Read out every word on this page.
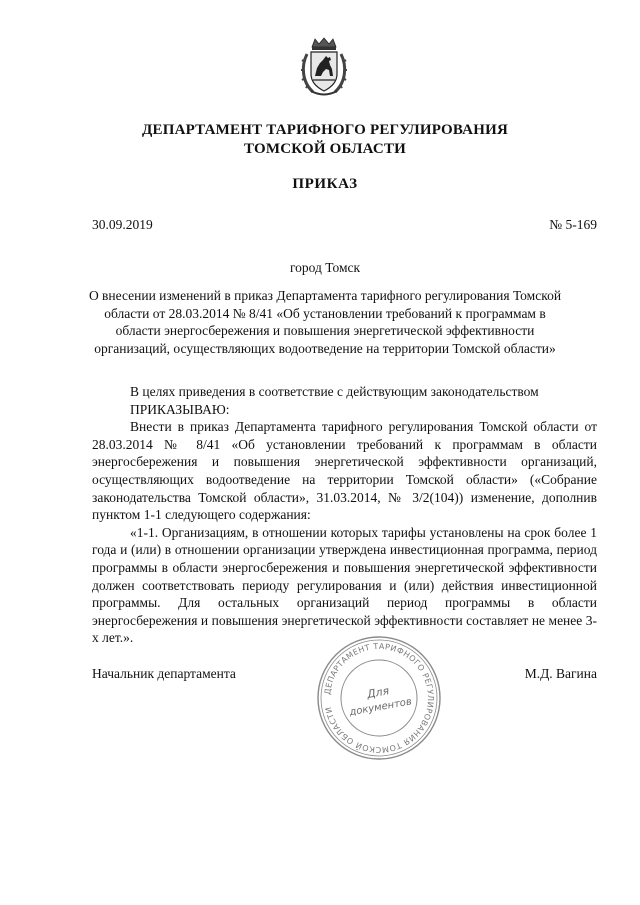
ДЕПАРТАМЕНТ ТАРИФНОГО РЕГУЛИРОВАНИЯ
ТОМСКОЙ ОБЛАСТИ
ПРИКАЗ
30.09.2019	№ 5-169
город Томск
О внесении изменений в приказ Департамента тарифного регулирования Томской
области от 28.03.2014 № 8/41 «Об установлении требований к программам в
области энергосбережения и повышения энергетической эффективности
организаций, осуществляющих водоотведение на территории Томской области»

В целях приведения в соответствие с действующим законодательством

ПРИКАЗЫВАЮ:

Внести в приказ Департамента тарифного регулирования Томской области от 28.03.2014 № 8/41 «Об установлении требований к программам в области энергосбережения и повышения энергетической эффективности организаций, осуществляющих водоотведение на территории Томской области» («Собрание законодательства Томской области», 31.03.2014, № 3/2(104)) изменение, дополнив пунктом 1-1 следующего содержания:

«1-1. Организациям, в отношении которых тарифы установлены на срок более 1 года и (или) в отношении организации утверждена инвестиционная программа, период программы в области энергосбережения и повышения энергетической эффективности должен соответствовать периоду регулирования и (или) действия инвестиционной программы. Для остальных организаций период программы в области энергосбережения и повышения энергетической эффективности составляет не менее 3-х лет.».

Начальник департамента	М.Д. Вагина
ДЕПАРТАМЕНТ ТАРИФНОГО РЕГУЛИРОВАНИЯ ТОМСКОЙ ОБЛАСТИ
Для
документов
